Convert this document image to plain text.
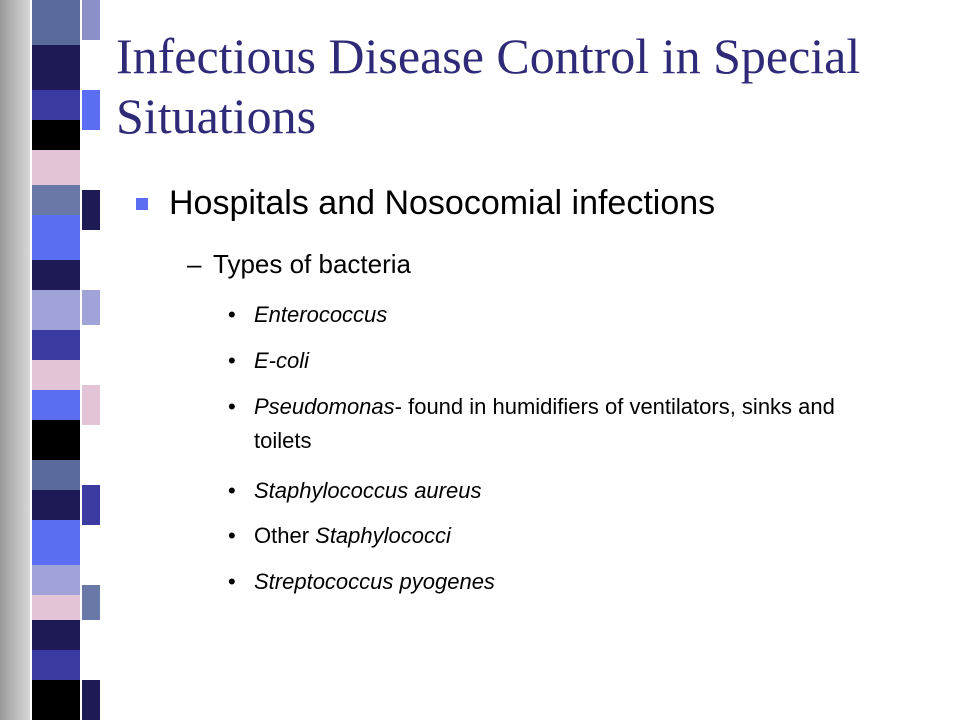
Infectious Disease Control in Special Situations
Hospitals and Nosocomial infections
– Types of bacteria
• Enterococcus
• E-coli
• Pseudomonas- found in humidifiers of ventilators, sinks and toilets
• Staphylococcus aureus
• Other Staphylococci
• Streptococcus pyogenes
